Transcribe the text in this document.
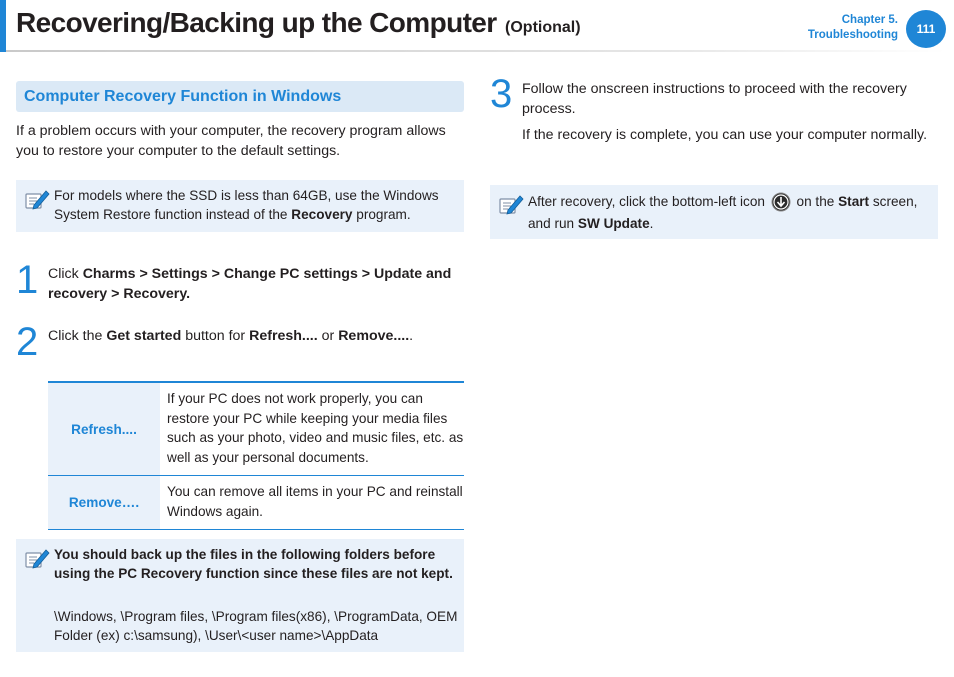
Recovering/Backing up the Computer (Optional)	Chapter 5.
Troubleshooting	111
Computer Recovery Function in Windows
If a problem occurs with your computer, the recovery program allows you to restore your computer to the default settings.
For models where the SSD is less than 64GB, use the Windows System Restore function instead of the Recovery program.
1 Click Charms > Settings > Change PC settings > Update and recovery > Recovery.
2 Click the Get started button for Refresh.... or Remove.....
Refresh....
If your PC does not work properly, you can restore your PC while keeping your media files such as your photo, video and music files, etc. as well as your personal documents.
Remove….
You can remove all items in your PC and reinstall Windows again.
You should back up the files in the following folders before using the PC Recovery function since these files are not kept.
\Windows, \Program files, \Program files(x86), \ProgramData, OEM Folder (ex) c:\samsung), \User\<user name>\AppData
3 Follow the onscreen instructions to proceed with the recovery process.
If the recovery is complete, you can use your computer normally.
After recovery, click the bottom-left icon  on the Start screen, and run SW Update.
